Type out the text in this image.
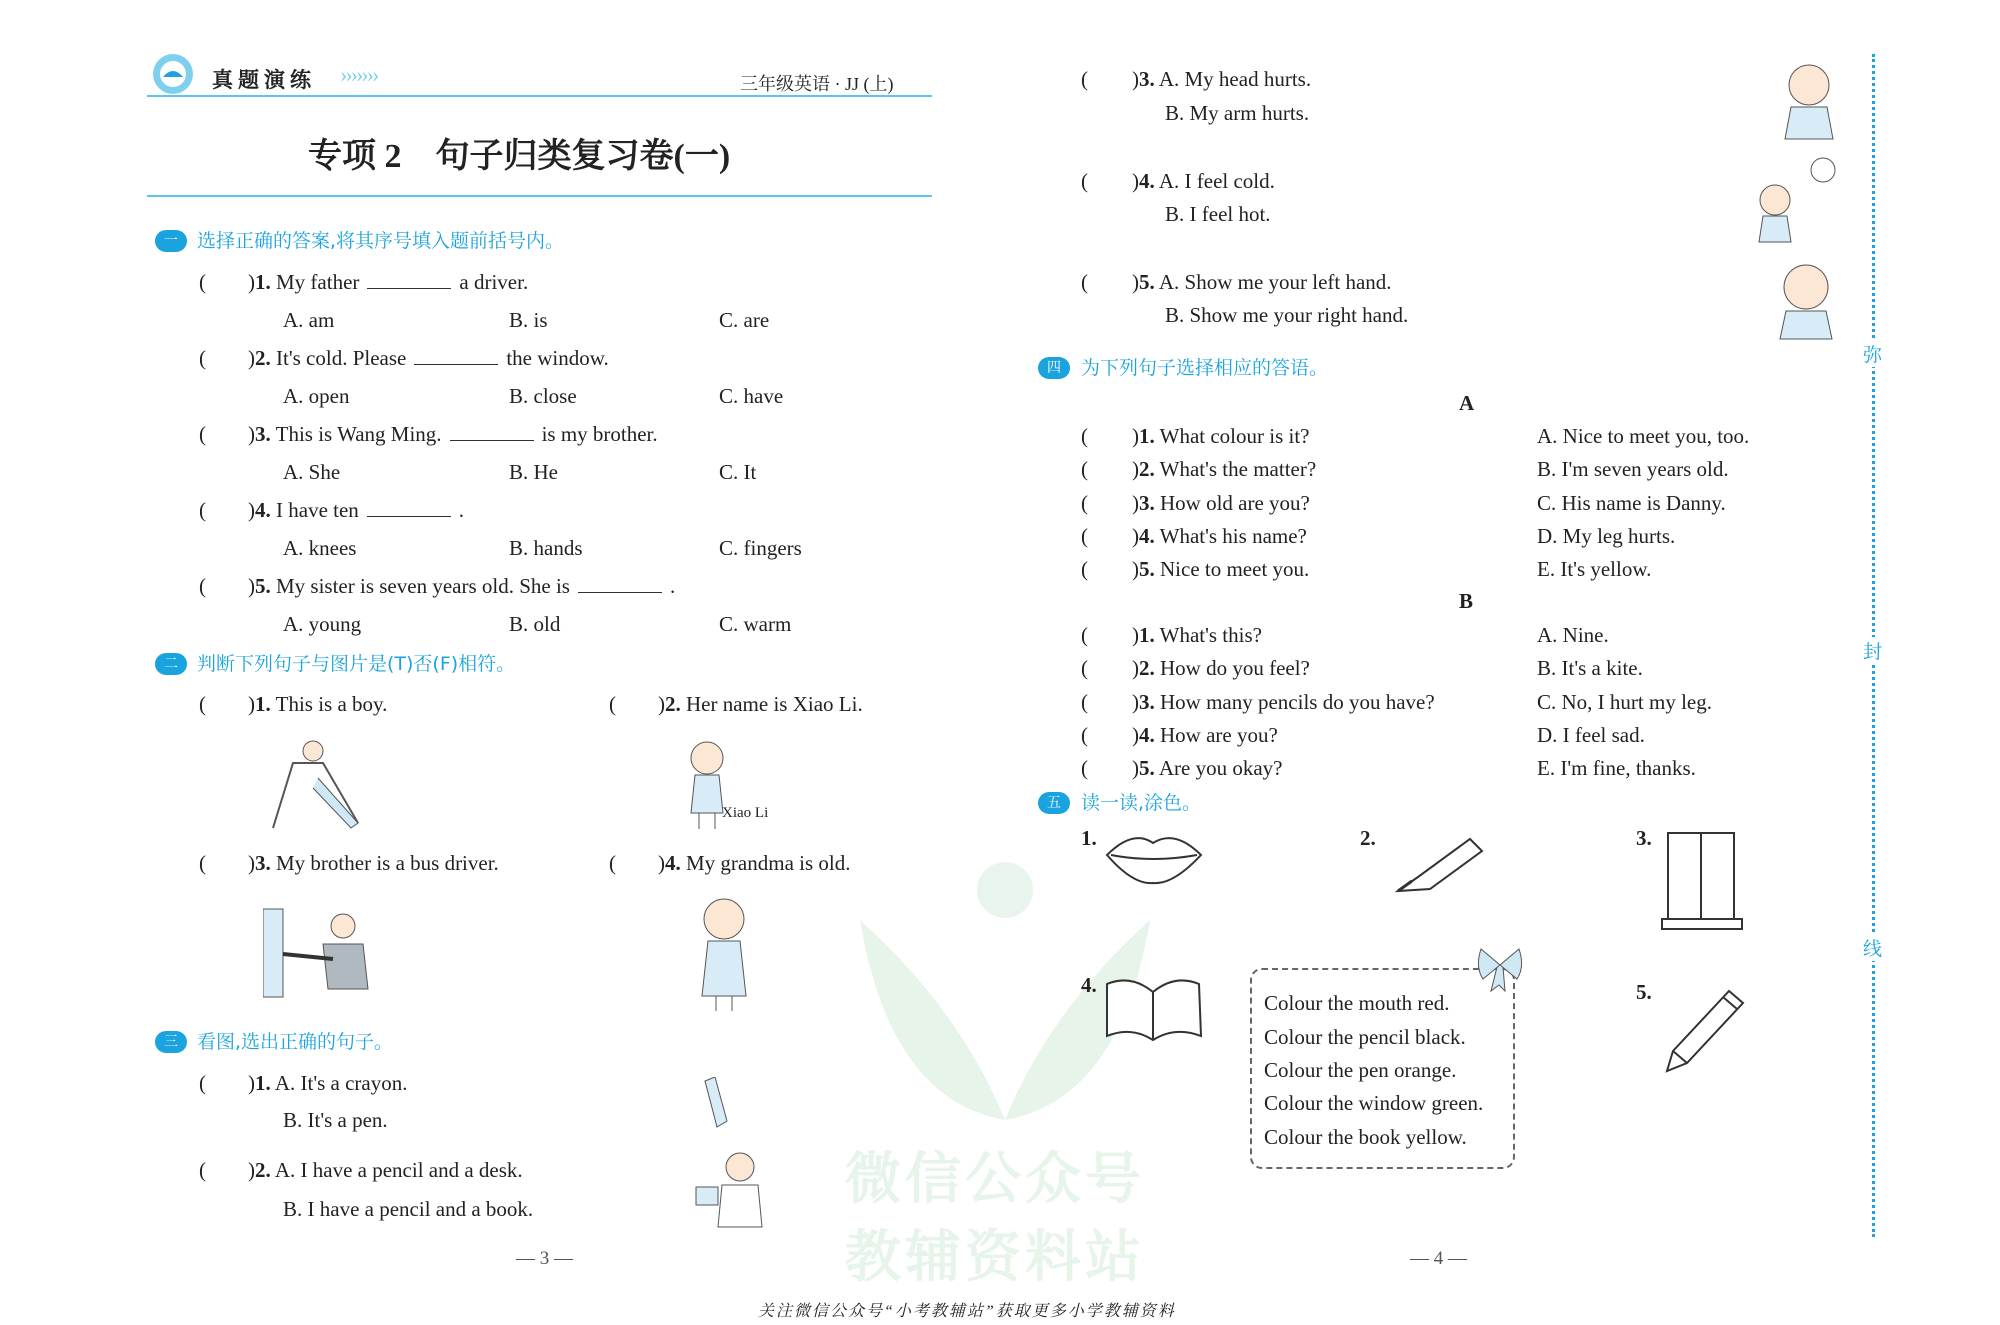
微信公众号
教辅资料站
真题演练 ›››››››	三年级英语 · JJ (上)
专项 2　句子归类复习卷(一)
一	选择正确的答案,将其序号填入题前括号内。
( )1. My father	a driver.
A. am	B. is	C. are
( )2. It's cold. Please	the window.
A. open	B. close	C. have
( )3. This is Wang Ming.	is my brother.
A. She	B. He	C. It
( )4. I have ten	.
A. knees	B. hands	C. fingers
( )5. My sister is seven years old. She is	.
A. young	B. old	C. warm
二	判断下列句子与图片是(T)否(F)相符。
( )1. This is a boy.	( )2. Her name is Xiao Li.
Xiao Li
( )3. My brother is a bus driver.	( )4. My grandma is old.
三	看图,选出正确的句子。
( )1. A. It's a crayon.
B. It's a pen.
( )2. A. I have a pencil and a desk.
B. I have a pencil and a book.
— 3 —
( )3. A. My head hurts.
B. My arm hurts.
( )4. A. I feel cold.
B. I feel hot.
( )5. A. Show me your left hand.
B. Show me your right hand.
四	为下列句子选择相应的答语。
A
B
( )1. What colour is it?	A. Nice to meet you, too.
( )2. What's the matter?	B. I'm seven years old.
( )3. How old are you?	C. His name is Danny.
( )4. What's his name?	D. My leg hurts.
( )5. Nice to meet you.	E. It's yellow.
( )1. What's this?	A. Nine.
( )2. How do you feel?	B. It's a kite.
( )3. How many pencils do you have?	C. No, I hurt my leg.
( )4. How are you?	D. I feel sad.
( )5. Are you okay?	E. I'm fine, thanks.
五	读一读,涂色。
1.	2.	3.
4.
Colour the mouth red.
Colour the pencil black.
Colour the pen orange.
Colour the window green.
Colour the book yellow.
5.
— 4 —
弥
封
线
关注微信公众号“小考教辅站”获取更多小学教辅资料
